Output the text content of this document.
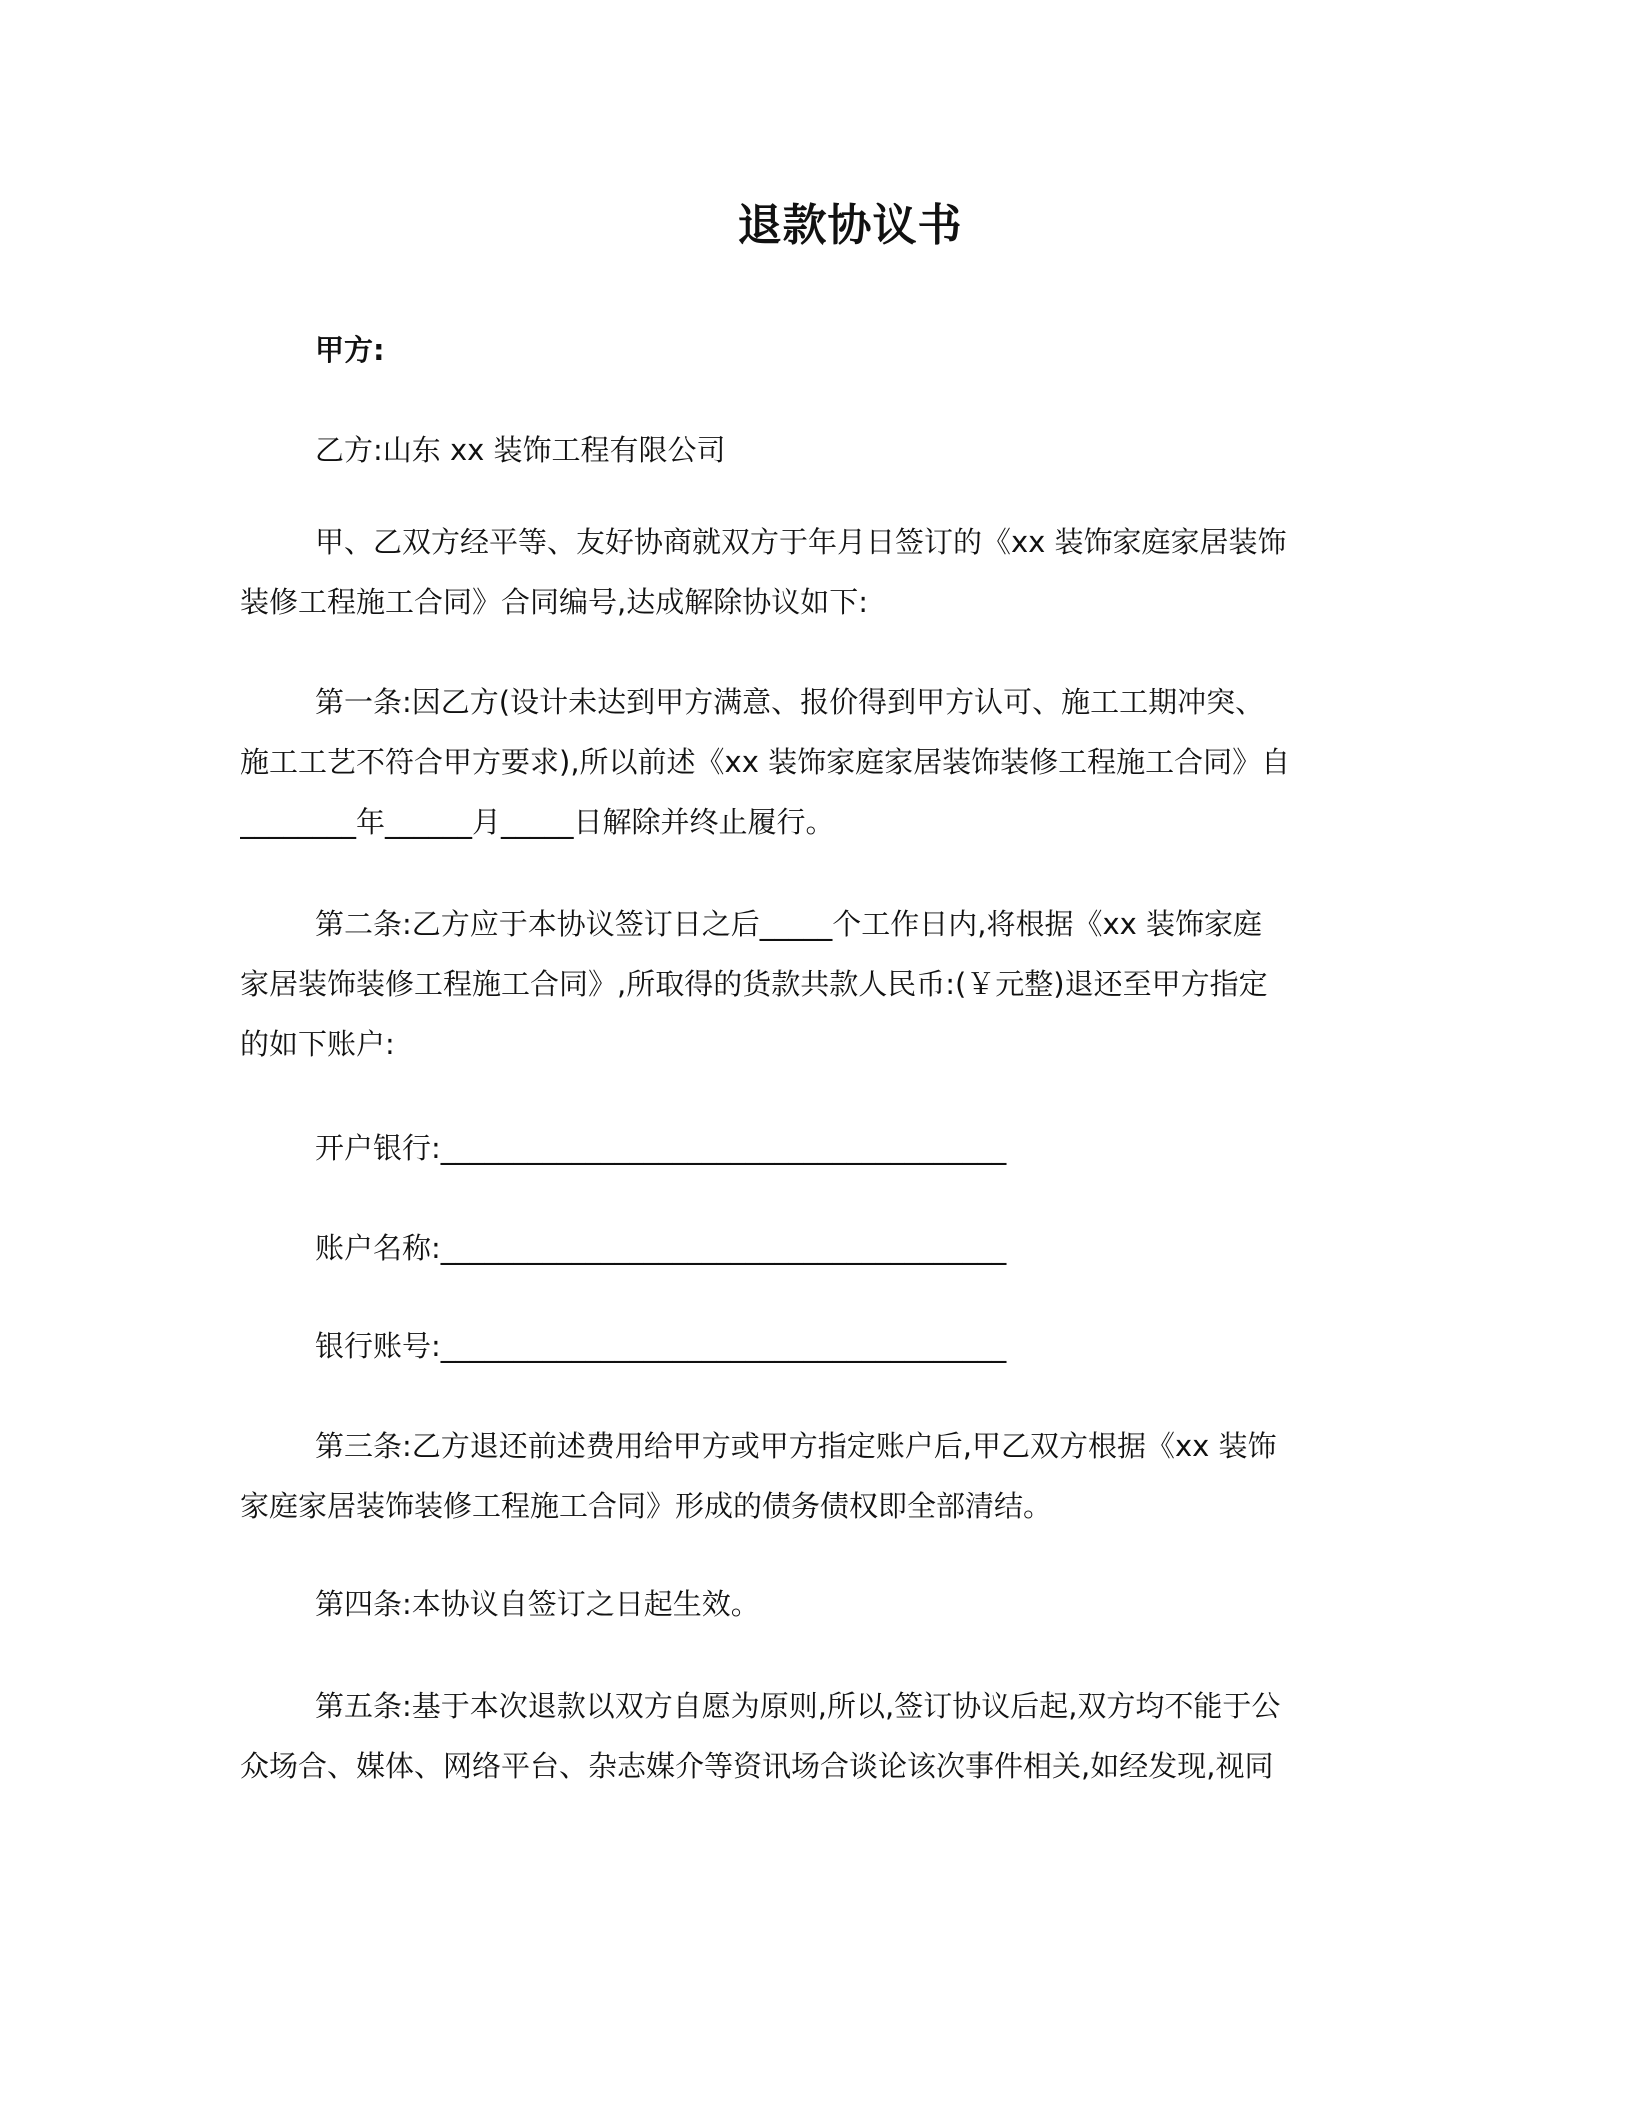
退款协议书
甲方:
乙方:山东 xx 装饰工程有限公司
甲、乙双方经平等、友好协商就双方于年月日签订的《xx 装饰家庭家居装饰
装修工程施工合同》合同编号,达成解除协议如下:
第一条:因乙方(设计未达到甲方满意、报价得到甲方认可、施工工期冲突、
施工工艺不符合甲方要求),所以前述《xx 装饰家庭家居装饰装修工程施工合同》自
________年______月_____日解除并终止履行。
第二条:乙方应于本协议签订日之后_____个工作日内,将根据《xx 装饰家庭
家居装饰装修工程施工合同》,所取得的货款共款人民币:(￥元整)退还至甲方指定
的如下账户:
开户银行:_______________________________________
账户名称:_______________________________________
银行账号:_______________________________________
第三条:乙方退还前述费用给甲方或甲方指定账户后,甲乙双方根据《xx 装饰
家庭家居装饰装修工程施工合同》形成的债务债权即全部清结。
第四条:本协议自签订之日起生效。
第五条:基于本次退款以双方自愿为原则,所以,签订协议后起,双方均不能于公
众场合、媒体、网络平台、杂志媒介等资讯场合谈论该次事件相关,如经发现,视同
